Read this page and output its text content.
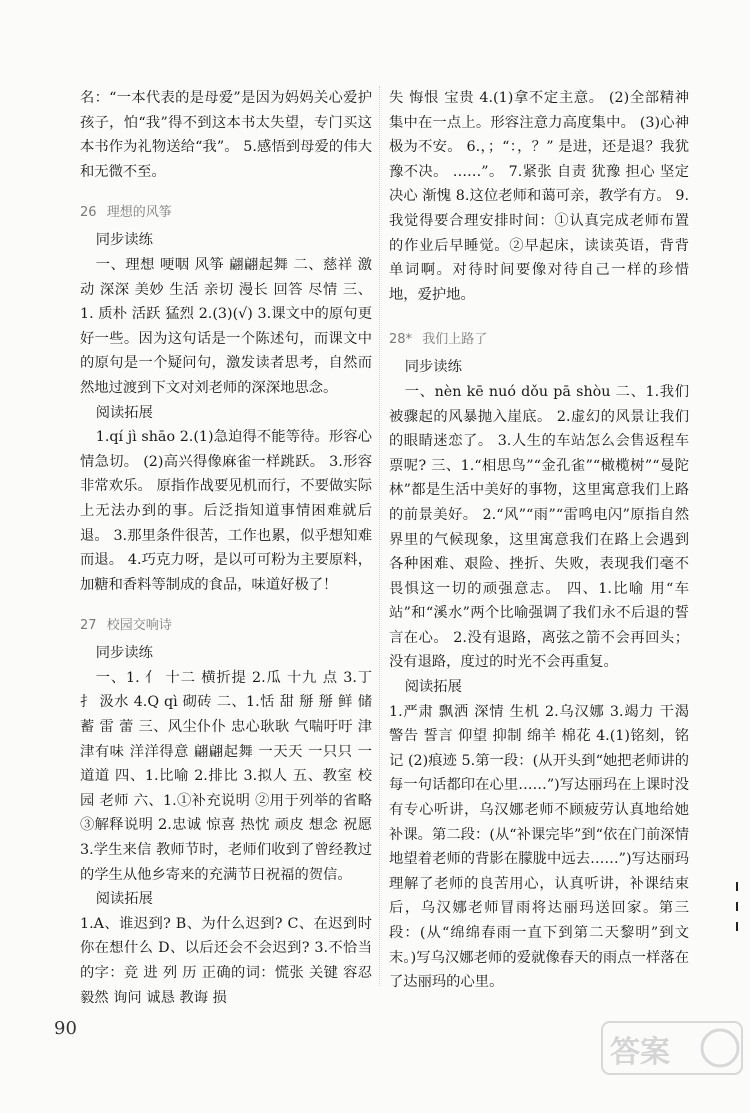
名：“一本代表的是母爱”是因为妈妈关心爱护孩子，怕“我”得不到这本书太失望，专门买这本书作为礼物送给“我”。 5.感悟到母爱的伟大和无微不至。

26 理想的风筝

同步读练

一、理想 哽咽 风筝 翩翩起舞 二、慈祥 激动 深深 美妙 生活 亲切 漫长 回答 尽情 三、1. 质朴 活跃 猛烈 2.(3)(√) 3.课文中的原句更好一些。因为这句话是一个陈述句，而课文中的原句是一个疑问句，激发读者思考，自然而然地过渡到下文对刘老师的深深地思念。

阅读拓展

1.qí jì shāo 2.(1)急迫得不能等待。形容心情急切。 (2)高兴得像麻雀一样跳跃。 3.形容非常欢乐。 原指作战要见机而行，不要做实际上无法办到的事。后泛指知道事情困难就后退。 3.那里条件很苦，工作也累，似乎想知难而退。 4.巧克力呀，是以可可粉为主要原料，加糖和香料等制成的食品，味道好极了！

27 校园交响诗

同步读练

一、1. 亻 十二 横折提 2.瓜 十九 点 3.丁 扌 汲水 4.Q qì 砌砖 二、1.恬 甜 掰 掰 鲜 储 蓄 雷 蕾 三、风尘仆仆 忠心耿耿 气喘吁吁 津津有味 洋洋得意 翩翩起舞 一天天 一只只 一道道 四、1.比喻 2.排比 3.拟人 五、教室 校园 老师 六、1.①补充说明 ②用于列举的省略 ③解释说明 2.忠诚 惊喜 热忱 顽皮 想念 祝愿 3.学生来信 教师节时，老师们收到了曾经教过的学生从他乡寄来的充满节日祝福的贺信。

阅读拓展

1.A、谁迟到? B、为什么迟到? C、在迟到时你在想什么 D、以后还会不会迟到? 3.不恰当的字：竞 进 列 历 正确的词：慌张 关键 容忍 毅然 询问 诚恳 教诲 损

失 悔恨 宝贵 4.(1)拿不定主意。 (2)全部精神集中在一点上。形容注意力高度集中。 (3)心神极为不安。 6.，；“：，？” 是进，还是退？我犹豫不决。 ……”。 7.紧张 自责 犹豫 担心 坚定 决心 渐愧 8.这位老师和蔼可亲，教学有方。 9.我觉得要合理安排时间：①认真完成老师布置的作业后早睡觉。②早起床，读读英语，背背单词啊。对待时间要像对待自己一样的珍惜地，爱护地。

28* 我们上路了

同步读练

一、nèn kē nuó dǒu pā shòu 二、1.我们被骤起的风暴抛入崖底。 2.虚幻的风景让我们的眼睛迷恋了。 3.人生的车站怎么会售返程车票呢? 三、1.“相思鸟”“金孔雀”“橄榄树”“曼陀林”都是生活中美好的事物，这里寓意我们上路的前景美好。 2.“风”“雨”“雷鸣电闪”原指自然界里的气候现象，这里寓意我们在路上会遇到各种困难、艰险、挫折、失败，表现我们毫不畏惧这一切的顽强意志。 四、1.比喻 用“车站”和“溪水”两个比喻强调了我们永不后退的誓言在心。 2.没有退路，离弦之箭不会再回头；没有退路，度过的时光不会再重复。

阅读拓展

1.严肃 飘洒 深情 生机 2.乌汉娜 3.竭力 干渴 警告 誓言 仰望 抑制 绵羊 棉花 4.(1)铭刻，铭记 (2)痕迹 5.第一段：(从开头到“她把老师讲的每一句话都印在心里……”)写达丽玛在上课时没有专心听讲，乌汉娜老师不顾疲劳认真地给她补课。第二段：(从“补课完毕”到“依在门前深情地望着老师的背影在朦胧中远去……”)写达丽玛理解了老师的良苦用心，认真听讲，补课结束后，乌汉娜老师冒雨将达丽玛送回家。第三段：(从“绵绵春雨一直下到第二天黎明”到文末。)写乌汉娜老师的爱就像春天的雨点一样落在了达丽玛的心里。

90
答案
